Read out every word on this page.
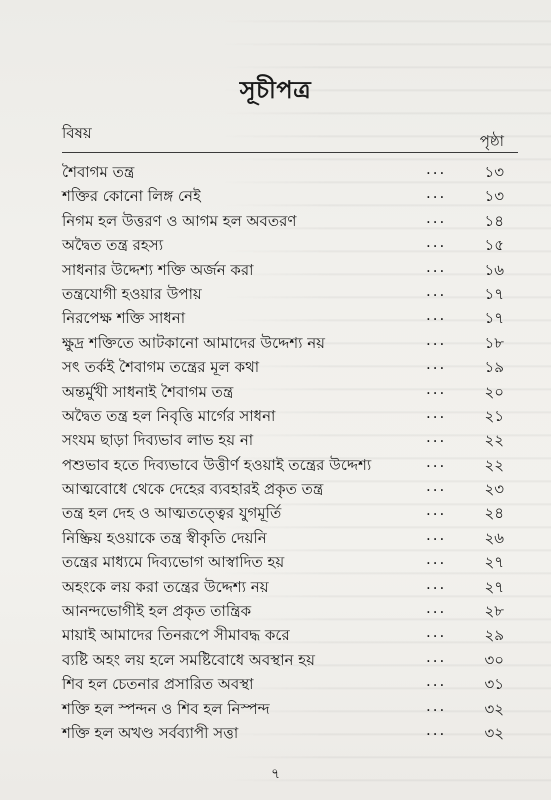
সূচীপত্র
বিষয়	পৃষ্ঠা
শৈবাগম তন্ত্র	...	১৩
শক্তির কোনো লিঙ্গ নেই	...	১৩
নিগম হল উত্তরণ ও আগম হল অবতরণ	...	১৪
অদ্বৈত তন্ত্র রহস্য	...	১৫
সাধনার উদ্দেশ্য শক্তি অর্জন করা	...	১৬
তন্ত্রযোগী হওয়ার উপায়	...	১৭
নিরপেক্ষ শক্তি সাধনা	...	১৭
ক্ষুদ্র শক্তিতে আটকানো আমাদের উদ্দেশ্য নয়	...	১৮
সৎ তর্কই শৈবাগম তন্ত্রের মূল কথা	...	১৯
অন্তর্মুখী সাধনাই শৈবাগম তন্ত্র	...	২০
অদ্বৈত তন্ত্র হল নিবৃত্তি মার্গের সাধনা	...	২১
সংযম ছাড়া দিব্যভাব লাভ হয় না	...	২২
পশুভাব হতে দিব্যভাবে উত্তীর্ণ হওয়াই তন্ত্রের উদ্দেশ্য	...	২২
আত্মবোধে থেকে দেহের ব্যবহারই প্রকৃত তন্ত্র	...	২৩
তন্ত্র হল দেহ ও আত্মতত্ত্বের যুগমূর্তি	...	২৪
নিষ্ক্রিয় হওয়াকে তন্ত্র স্বীকৃতি দেয়নি	...	২৬
তন্ত্রের মাধ্যমে দিব্যভোগ আস্বাদিত হয়	...	২৭
অহংকে লয় করা তন্ত্রের উদ্দেশ্য নয়	...	২৭
আনন্দভোগীই হল প্রকৃত তান্ত্রিক	...	২৮
মায়াই আমাদের তিনরূপে সীমাবদ্ধ করে	...	২৯
ব্যষ্টি অহং লয় হলে সমষ্টিবোধে অবস্থান হয়	...	৩০
শিব হল চেতনার প্রসারিত অবস্থা	...	৩১
শক্তি হল স্পন্দন ও শিব হল নিস্পন্দ	...	৩২
শক্তি হল অখণ্ড সর্বব্যাপী সত্তা	...	৩২
৭
